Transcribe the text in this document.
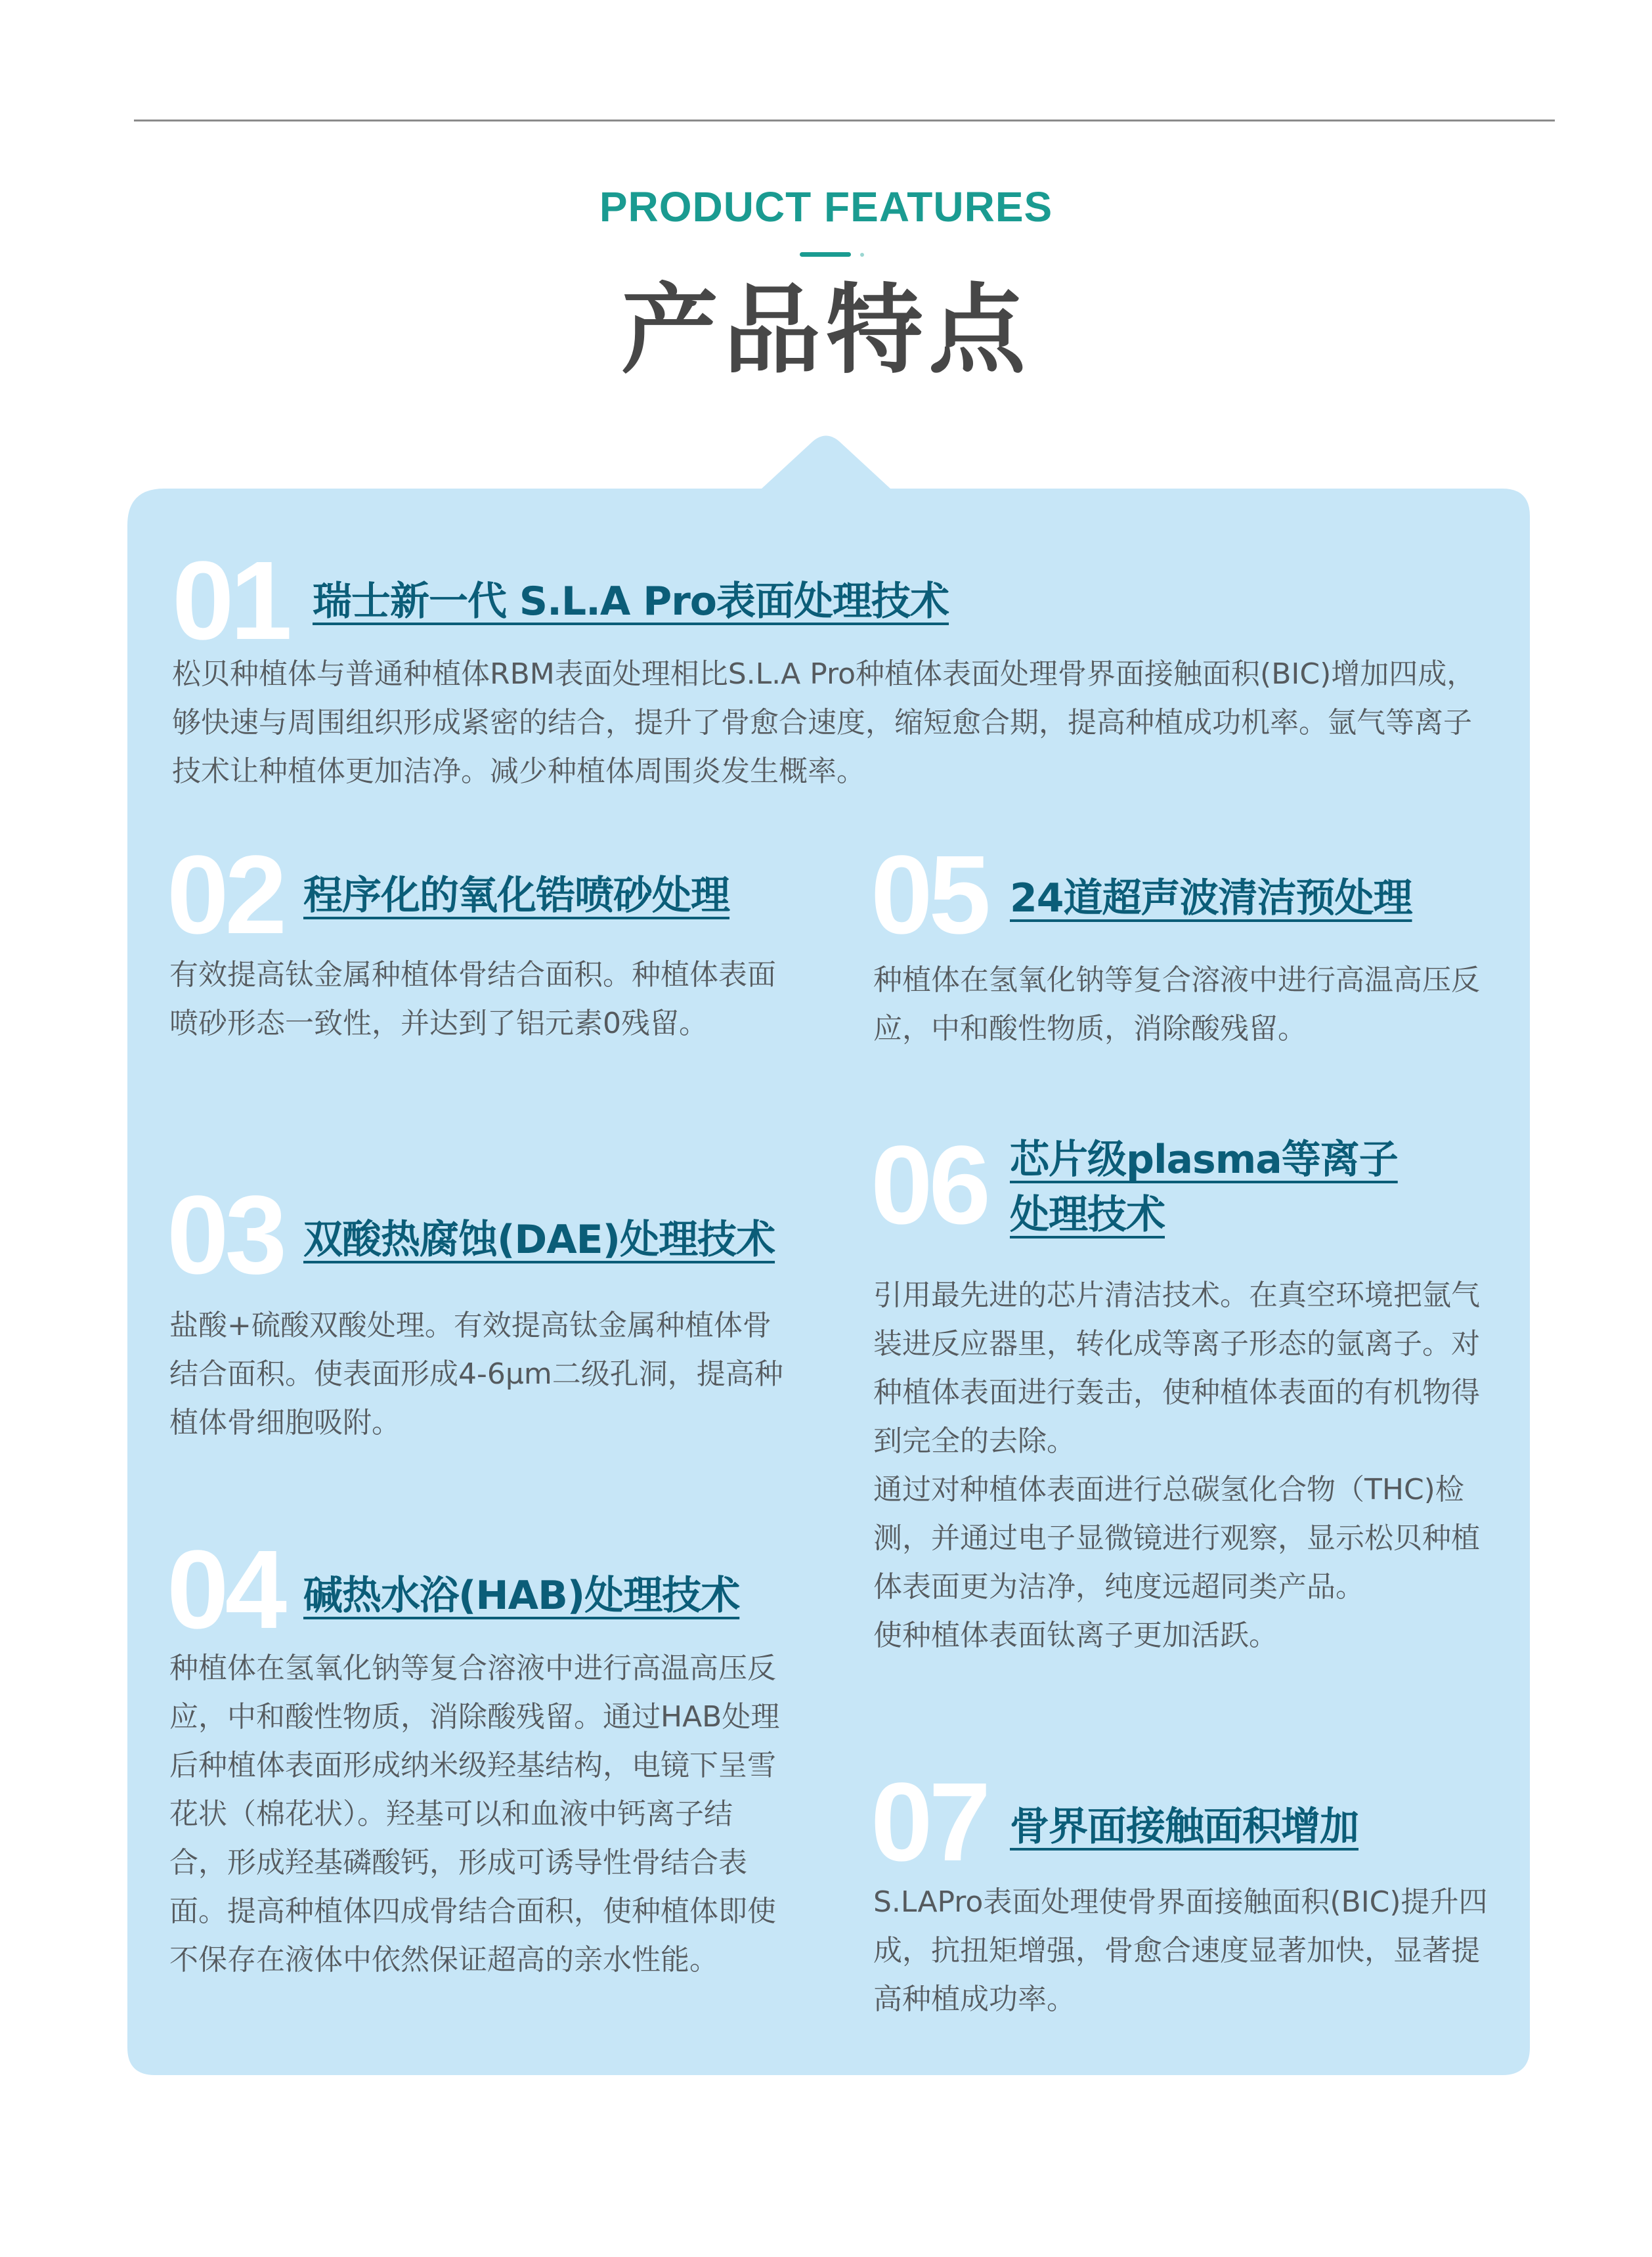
PRODUCT FEATURES
产品特点
01 瑞士新一代 S.L.A Pro表面处理技术

松贝种植体与普通种植体RBM表面处理相比S.L.A Pro种植体表面处理骨界面接触面积(BIC)增加四成，够快速与周围组织形成紧密的结合，提升了骨愈合速度，缩短愈合期，提高种植成功机率。氩气等离子技术让种植体更加洁净。减少种植体周围炎发生概率。

02 程序化的氧化锆喷砂处理

有效提高钛金属种植体骨结合面积。种植体表面喷砂形态一致性，并达到了铝元素0残留。

03 双酸热腐蚀(DAE)处理技术

盐酸+硫酸双酸处理。有效提高钛金属种植体骨结合面积。使表面形成4-6μm二级孔洞，提高种植体骨细胞吸附。

04 碱热水浴(HAB)处理技术

种植体在氢氧化钠等复合溶液中进行高温高压反应，中和酸性物质，消除酸残留。通过HAB处理后种植体表面形成纳米级羟基结构，电镜下呈雪花状（棉花状）。羟基可以和血液中钙离子结合，形成羟基磷酸钙，形成可诱导性骨结合表面。提高种植体四成骨结合面积，使种植体即使不保存在液体中依然保证超高的亲水性能。

05 24道超声波清洁预处理

种植体在氢氧化钠等复合溶液中进行高温高压反应，中和酸性物质，消除酸残留。

06 芯片级plasma等离子
处理技术

引用最先进的芯片清洁技术。在真空环境把氩气装进反应器里，转化成等离子形态的氩离子。对种植体表面进行轰击，使种植体表面的有机物得到完全的去除。

通过对种植体表面进行总碳氢化合物（THC)检测，并通过电子显微镜进行观察，显示松贝种植体表面更为洁净，纯度远超同类产品。

使种植体表面钛离子更加活跃。

07 骨界面接触面积增加

S.LAPro表面处理使骨界面接触面积(BIC)提升四成，抗扭矩增强，骨愈合速度显著加快，显著提高种植成功率。
